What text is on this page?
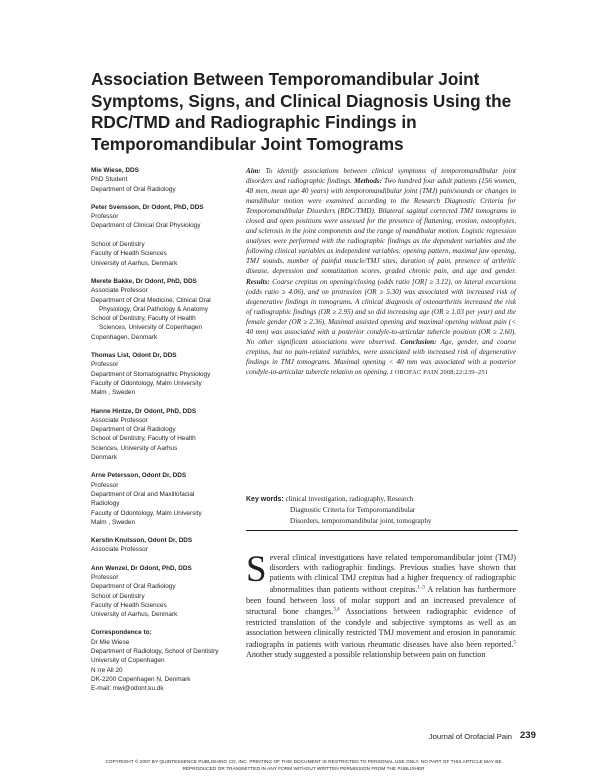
Association Between Temporomandibular Joint Symptoms, Signs, and Clinical Diagnosis Using the RDC/TMD and Radiographic Findings in Temporomandibular Joint Tomograms
Mie Wiese, DDS
PhD Student
Department of Oral Radiology
Peter Svensson, Dr Odont, PhD, DDS
Professor
Department of Clinical Oral Physiology

School of Dentistry
Faculty of Health Sciences
University of Aarhus, Denmark
Merete Bakke, Dr Odont, PhD, DDS
Associate Professor
Department of Oral Medicine, Clinical Oral
Physiology, Oral Pathology & Anatomy
School of Dentistry, Faculty of Health
Sciences, University of Copenhagen
Copenhagen, Denmark
Thomas List, Odont Dr, DDS
Professor
Department of Stomatognathic Physiology
Faculty of Odontology, Malm University
Malm , Sweden
Hanne Hintze, Dr Odont, PhD, DDS
Associate Professor
Department of Oral Radiology
School of Dentistry, Faculty of Health
Sciences, University of Aarhus
Denmark
Arne Petersson, Odont Dr, DDS
Professor
Department of Oral and Maxillofacial
Radiology
Faculty of Odontology, Malm University
Malm , Sweden
Kerstin Knutsson, Odont Dr, DDS
Associate Professor
Ann Wenzel, Dr Odont, PhD, DDS
Professor
Department of Oral Radiology
School of Dentistry
Faculty of Health Sciences
University of Aarhus, Denmark
Correspondence to:
Dr Mie Wiese
Department of Radiology, School of Dentistry
University of Copenhagen
N rre All 20
DK-2200 Copenhagen N, Denmark
E-mail: mwi@odont.ku.dk
Aim: To identify associations between clinical symptoms of temporomandibular joint disorders and radiographic findings. Methods: Two hundred four adult patients (156 women, 48 men, mean age 40 years) with temporomandibular joint (TMJ) pain/sounds or changes in mandibular motion were examined according to the Research Diagnostic Criteria for Temporomandibular Disorders (RDC/TMD). Bilateral sagittal corrected TMJ tomograms in closed and open positions were assessed for the presence of flattening, erosion, osteophytes, and sclerosis in the joint components and the range of mandibular motion. Logistic regression analyses were performed with the radiographic findings as the dependent variables and the following clinical variables as independent variables: opening pattern, maximal jaw opening, TMJ sounds, number of painful muscle/TMJ sites, duration of pain, presence of arthritic disease, depression and somatization scores, graded chronic pain, and age and gender. Results: Coarse crepitus on opening/closing (odds ratio [OR] ≥ 3.12), on lateral excursions (odds ratio ≥ 4.06), and on protrusion (OR ≥ 5.30) was associated with increased risk of degenerative findings in tomograms. A clinical diagnosis of osteoarthritis increased the risk of radiographic findings (OR ≥ 2.95) and so did increasing age (OR ≥ 1.03 per year) and the female gender (OR ≥ 2.36). Maximal assisted opening and maximal opening without pain (< 40 mm) was associated with a posterior condyle-to-articular tubercle position (OR ≥ 2.60). No other significant associations were observed. Conclusion: Age, gender, and coarse crepitus, but no pain-related variables, were associated with increased risk of degenerative findings in TMJ tomograms. Maximal opening < 40 mm was associated with a posterior condyle-to-articular tubercle relation on opening. J OROFAC PAIN 2008;22:239–251
Key words: clinical investigation, radiography, Research
Diagnostic Criteria for Temporomandibular
Disorders, temporomandibular joint, tomography
S everal clinical investigations have related temporomandibular joint (TMJ) disorders with radiographic findings. Previous studies have shown that patients with clinical TMJ crepitus had a higher frequency of radiographic abnormalities than patients without crepitus.$^{1-3}$ A relation has furthermore been found between loss of molar support and an increased prevalence of structural bone changes.$^{3,4}$ Associations between radiographic evidence of restricted translation of the condyle and subjective symptoms as well as an association between clinically restricted TMJ movement and erosion in panoramic radiographs in patients with various rheumatic diseases have also been reported.$^5$ Another study suggested a possible relationship between pain on function
Journal of Orofacial Pain 239
COPYRIGHT © 2007 BY QUINTESSENCE PUBLISHING CO, INC. PRINTING OF THIS DOCUMENT IS RESTRICTED TO PERSONAL USE ONLY. NO PART OF THIS ARTICLE MAY BE REPRODUCED OR TRANSMITTED IN ANY FORM WITHOUT WRITTEN PERMISSION FROM THE PUBLISHER
